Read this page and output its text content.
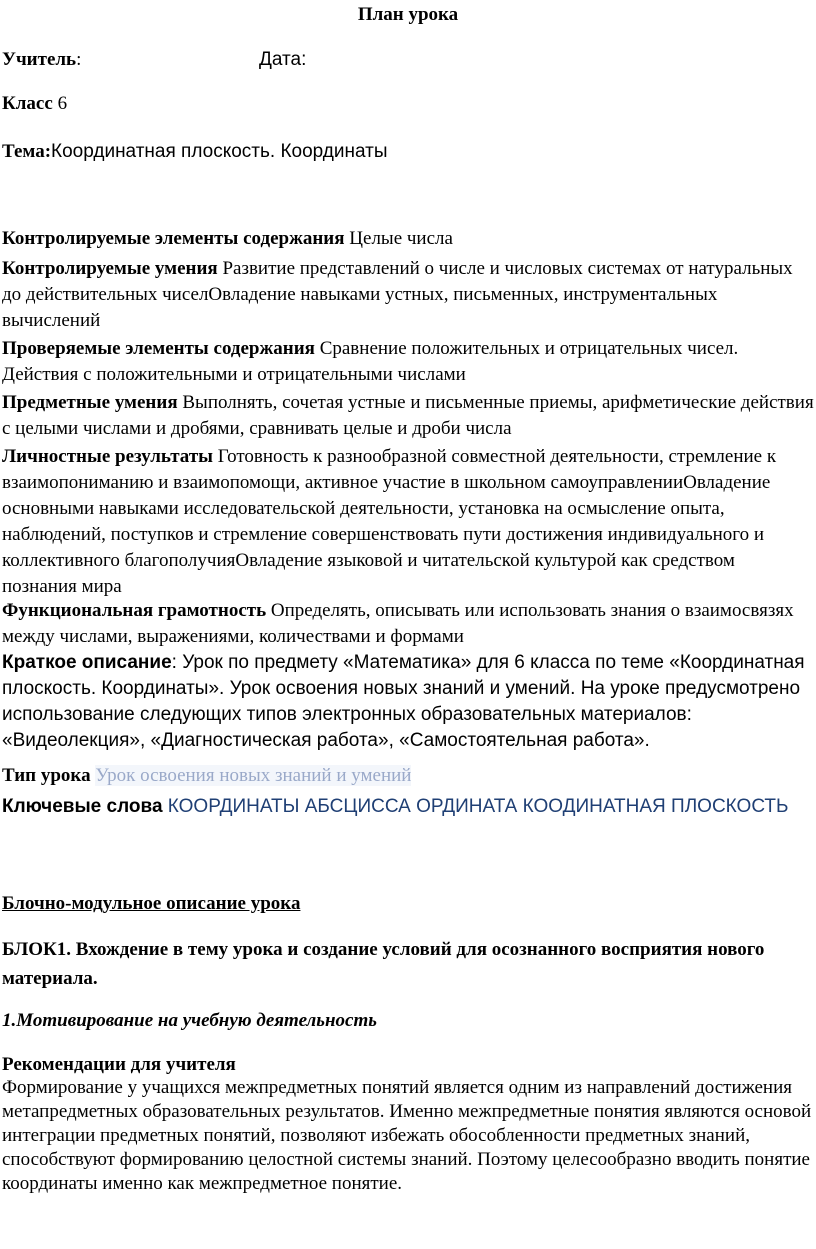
План урока
Учитель:	Дата:
Класс 6
Тема:Координатная плоскость. Координаты
Контролируемые элементы содержания Целые числа
Контролируемые умения Развитие представлений о числе и числовых системах от натуральных до действительных чиселОвладение навыками устных, письменных, инструментальных вычислений
Проверяемые элементы содержания Сравнение положительных и отрицательных чисел. Действия с положительными и отрицательными числами
Предметные умения Выполнять, сочетая устные и письменные приемы, арифметические действия с целыми числами и дробями, сравнивать целые и дроби числа
Личностные результаты Готовность к разнообразной совместной деятельности, стремление к взаимопониманию и взаимопомощи, активное участие в школьном самоуправленииОвладение основными навыками исследовательской деятельности, установка на осмысление опыта, наблюдений, поступков и стремление совершенствовать пути достижения индивидуального и коллективного благополучияОвладение языковой и читательской культурой как средством познания мира
Функциональная грамотность Определять, описывать или использовать знания о взаимосвязях между числами, выражениями, количествами и формами
Краткое описание: Урок по предмету «Математика» для 6 класса по теме «Координатная плоскость. Координаты». Урок освоения новых знаний и умений. На уроке предусмотрено использование следующих типов электронных образовательных материалов: «Видеолекция», «Диагностическая работа», «Самостоятельная работа».
Тип урока Урок освоения новых знаний и умений
Ключевые слова КООРДИНАТЫ АБСЦИССА ОРДИНАТА КООДИНАТНАЯ ПЛОСКОСТЬ
Блочно-модульное описание урока
БЛОК1. Вхождение в тему урока и создание условий для осознанного восприятия нового материала.
1.Мотивирование на учебную деятельность
Рекомендации для учителя
Формирование у учащихся межпредметных понятий является одним из направлений достижения метапредметных образовательных результатов. Именно межпредметные понятия являются основой интеграции предметных понятий, позволяют избежать обособленности предметных знаний, способствуют формированию целостной системы знаний. Поэтому целесообразно вводить понятие координаты именно как межпредметное понятие.
